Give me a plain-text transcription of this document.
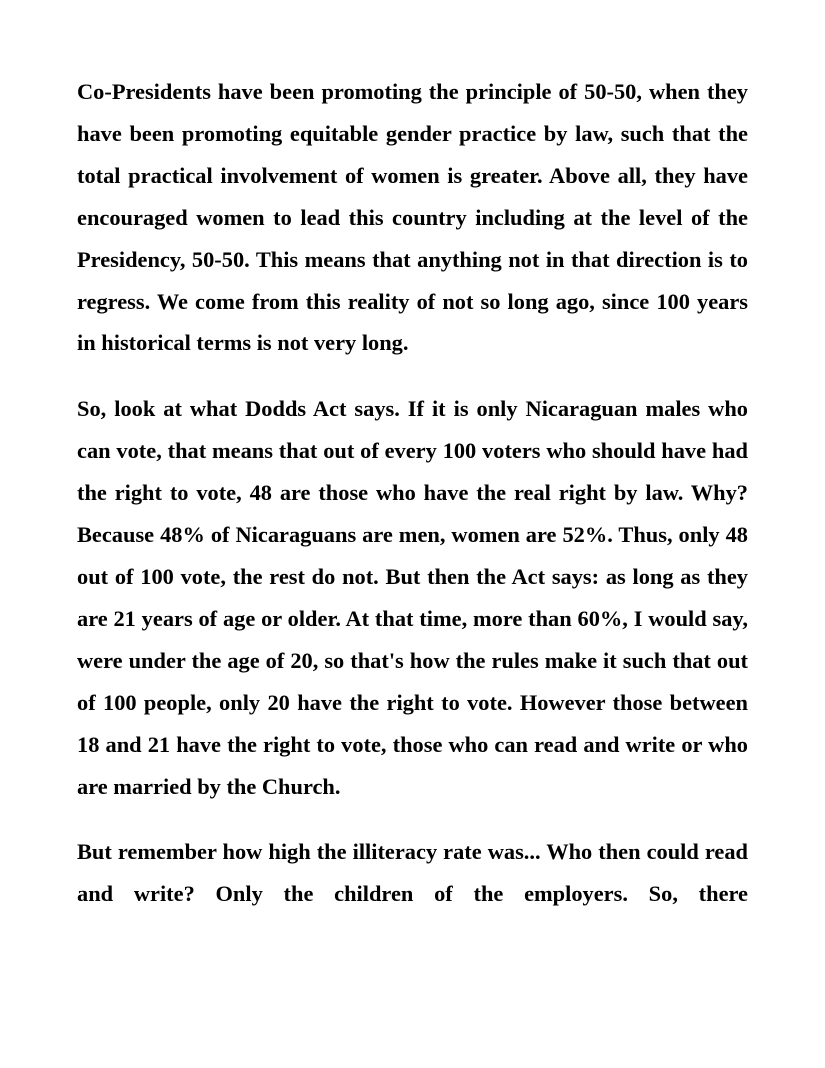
Co-Presidents have been promoting the principle of 50-50, when they have been promoting equitable gender practice by law, such that the total practical involvement of women is greater. Above all, they have encouraged women to lead this country including at the level of the Presidency, 50-50. This means that anything not in that direction is to regress. We come from this reality of not so long ago, since 100 years in historical terms is not very long.

So, look at what Dodds Act says. If it is only Nicaraguan males who can vote, that means that out of every 100 voters who should have had the right to vote, 48 are those who have the real right by law. Why? Because 48% of Nicaraguans are men, women are 52%. Thus, only 48 out of 100 vote, the rest do not. But then the Act says: as long as they are 21 years of age or older. At that time, more than 60%, I would say, were under the age of 20, so that's how the rules make it such that out of 100 people, only 20 have the right to vote. However those between 18 and 21 have the right to vote, those who can read and write or who are married by the Church.

But remember how high the illiteracy rate was... Who then could read and write? Only the children of the employers. So, there
